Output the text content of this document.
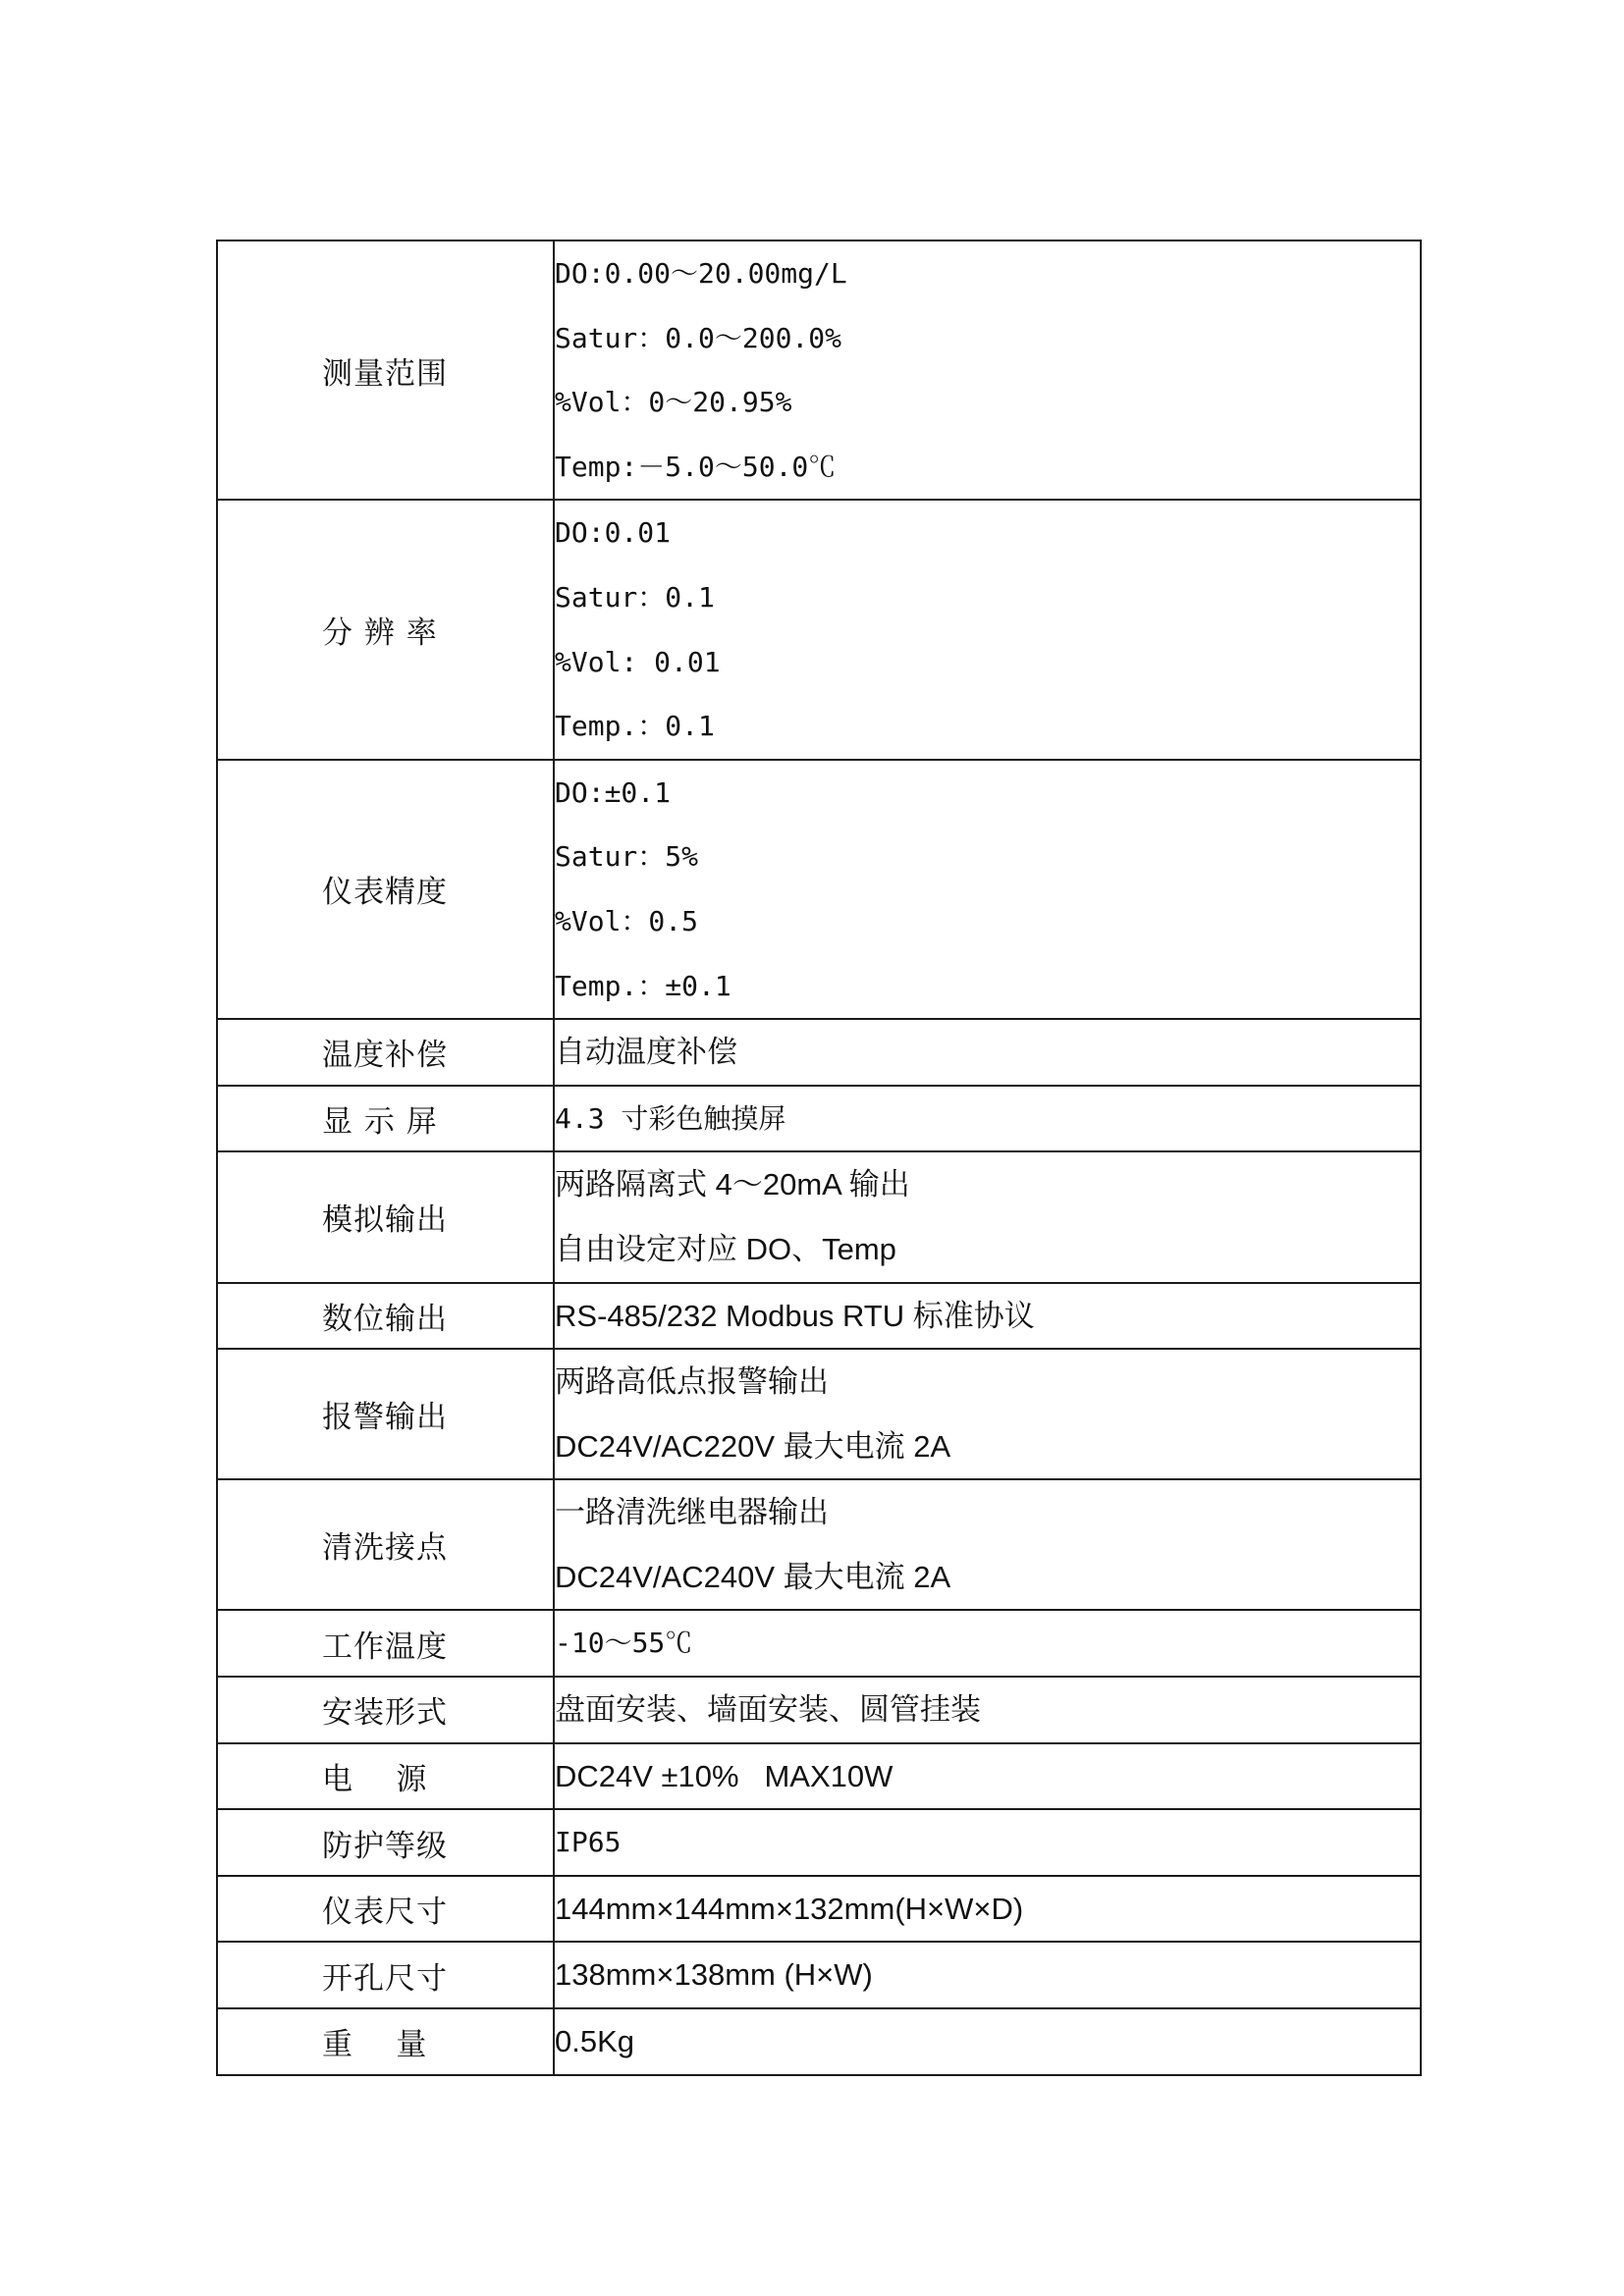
测量范围	DO:0.00～20.00mg/L
Satur：0.0～200.0%
%Vol：0～20.95%
Temp:－5.0～50.0℃

分 辨 率	DO:0.01
Satur：0.1
%Vol: 0.01
Temp.：0.1

仪表精度	DO:±0.1
Satur：5%
%Vol：0.5
Temp.：±0.1

温度补偿	自动温度补偿

显 示 屏	4.3 寸彩色触摸屏

模拟输出	两路隔离式 4～20mA 输出
自由设定对应 DO、Temp

数位输出	RS-485/232 Modbus RTU 标准协议

报警输出	两路高低点报警输出
DC24V/AC220V 最大电流 2A

清洗接点	一路清洗继电器输出
DC24V/AC240V 最大电流 2A

工作温度	-10～55℃

安装形式	盘面安装、墙面安装、圆管挂装

电    源	DC24V ±10%   MAX10W

防护等级	IP65

仪表尺寸	144mm×144mm×132mm(H×W×D)

开孔尺寸	138mm×138mm (H×W)

重    量	0.5Kg
